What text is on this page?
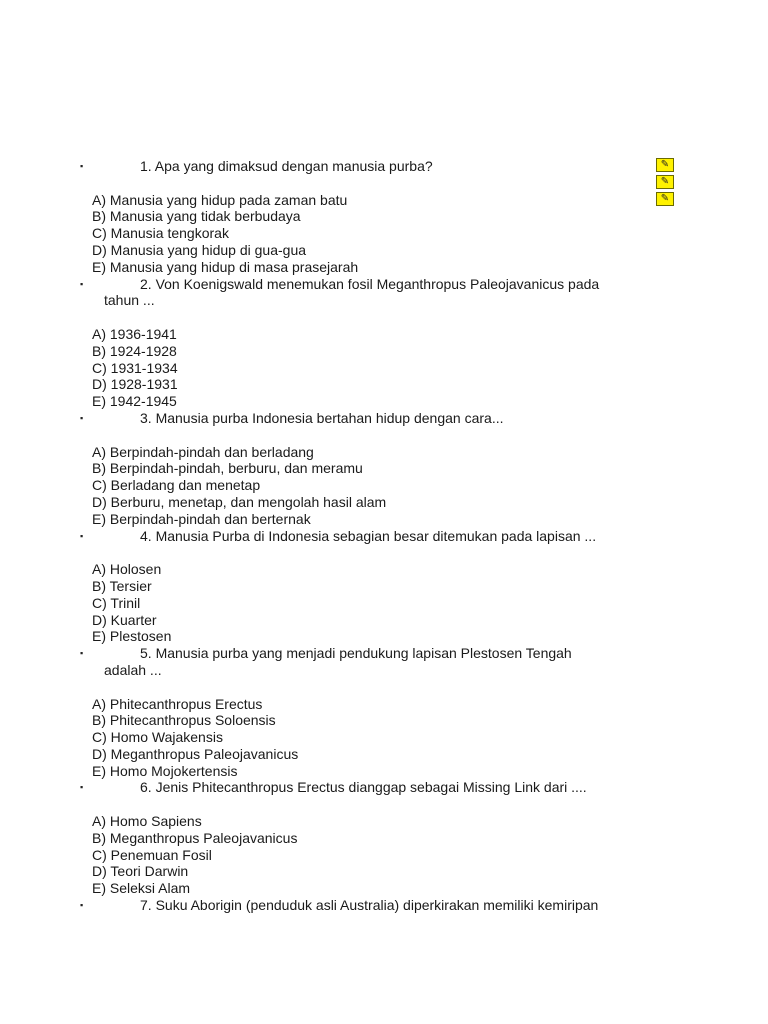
✎
✎
✎
▪	1. Apa yang dimaksud dengan manusia purba?
A) Manusia yang hidup pada zaman batu
B) Manusia yang tidak berbudaya
C) Manusia tengkorak
D) Manusia yang hidup di gua-gua
E) Manusia yang hidup di masa prasejarah
▪	2. Von Koenigswald menemukan fosil Meganthropus Paleojavanicus pada
tahun ...
A) 1936-1941
B) 1924-1928
C) 1931-1934
D) 1928-1931
E) 1942-1945
▪	3. Manusia purba Indonesia bertahan hidup dengan cara...
A) Berpindah-pindah dan berladang
B) Berpindah-pindah, berburu, dan meramu
C) Berladang dan menetap
D) Berburu, menetap, dan mengolah hasil alam
E) Berpindah-pindah dan berternak
▪	4. Manusia Purba di Indonesia sebagian besar ditemukan pada lapisan ...
A) Holosen
B) Tersier
C) Trinil
D) Kuarter
E) Plestosen
▪	5. Manusia purba yang menjadi pendukung lapisan Plestosen Tengah
adalah ...
A) Phitecanthropus Erectus
B) Phitecanthropus Soloensis
C) Homo Wajakensis
D) Meganthropus Paleojavanicus
E) Homo Mojokertensis
▪	6. Jenis Phitecanthropus Erectus dianggap sebagai Missing Link dari ....
A) Homo Sapiens
B) Meganthropus Paleojavanicus
C) Penemuan Fosil
D) Teori Darwin
E) Seleksi Alam
▪	7. Suku Aborigin (penduduk asli Australia) diperkirakan memiliki kemiripan
